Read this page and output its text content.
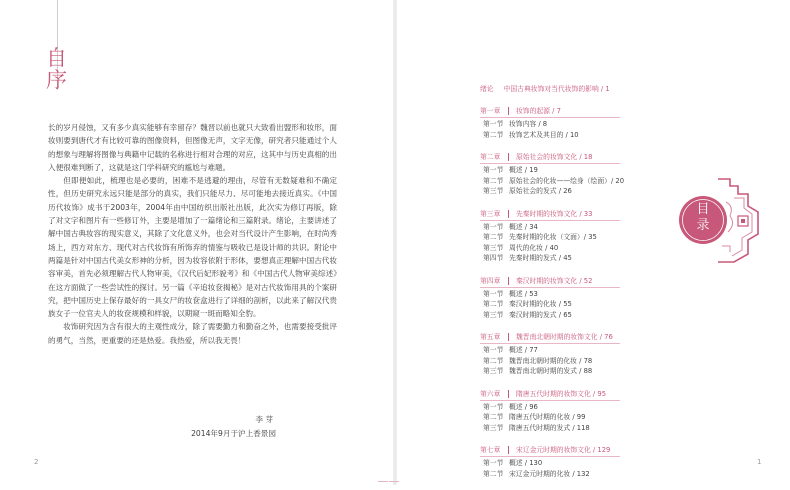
自
序

长的岁月侵蚀，又有多少真实能够有幸留存？魏晋以前也就只大致看出盟形和妆形，面妆则要到唐代才有比较可靠的图像资料，但图像无声，文字无像，研究者只能通过个人的想象与理解将图像与典籍中记载的名称进行相对合理的对应，这其中与历史真相的出入便很难判断了，这就是这门学科研究的尴尬与难题。

但即便如此，梳理也是必要的，困难不是逃避的理由，尽管有无数疑难和不确定性，但历史研究永远只能是部分的真实，我们只能尽力、尽可能地去接近真实。《中国历代妆饰》成书于2003年，2004年由中国纺织出版社出版，此次实为修订再版，除了对文字和图片有一些修订外，主要是增加了一篇绪论和三篇附录。绪论，主要讲述了解中国古典妆容的现实意义，其除了文化意义外，也会对当代设计产生影响，在时尚秀场上，西方对东方、现代对古代妆饰有所饰弃的情鉴与吸收已是设计师的共识。附论中两篇是针对中国古代美女形神的分析，因为妆容依附于形体，要想真正理解中国古代妆容审美，首先必须理解古代人物审美，《汉代后妃形貌考》和《中国古代人物审美综述》在这方面做了一些尝试性的探讨。另一篇《辛追妆奁揭秘》是对古代妆饰用具的个案研究，把中国历史上保存最好的一具女尸的妆奁盒进行了详细的剖析，以此来了解汉代贵族女子一位官夫人的妆奁规模和样貌，以期窥一斑而略知全豹。

妆饰研究因为含有很大的主观性成分，除了需要勤力和勤奋之外，也需要接受批评的勇气，当然，更重要的还是热爱。我热爱，所以我无畏！

李 芽
2014年9月于沪上香景园
2
绪论 中国古典妆饰对当代妆饰的影响 / 1
第一章 妆饰的起源 / 7
第一节 妆饰内容 / 8
第二节 妆饰艺术及其目的 / 10
第二章 原始社会的妆饰文化 / 18
第一节 概述 / 19
第二节 原始社会的化妆——绘身（绘面）/ 20
第三节 原始社会的发式 / 26
第三章 先秦时期的妆饰文化 / 33
第一节 概述 / 34
第二节 先秦时期的化妆（文面）/ 35
第三节 周代的化妆 / 40
第四节 先秦时期的发式 / 45
第四章 秦汉时期的妆饰文化 / 52
第一节 概述 / 53
第二节 秦汉时期的化妆 / 55
第三节 秦汉时期的发式 / 65
第五章 魏晋南北朝时期的妆饰文化 / 76
第一节 概述 / 77
第二节 魏晋南北朝时期的化妆 / 78
第三节 魏晋南北朝时期的发式 / 88
第六章 隋唐五代时期的妆饰文化 / 95
第一节 概述 / 96
第二节 隋唐五代时期的化妆 / 99
第三节 隋唐五代时期的发式 / 118
第七章 宋辽金元时期的妆饰文化 / 129
第一节 概述 / 130
第二节 宋辽金元时期的化妆 / 132
目
录
1
